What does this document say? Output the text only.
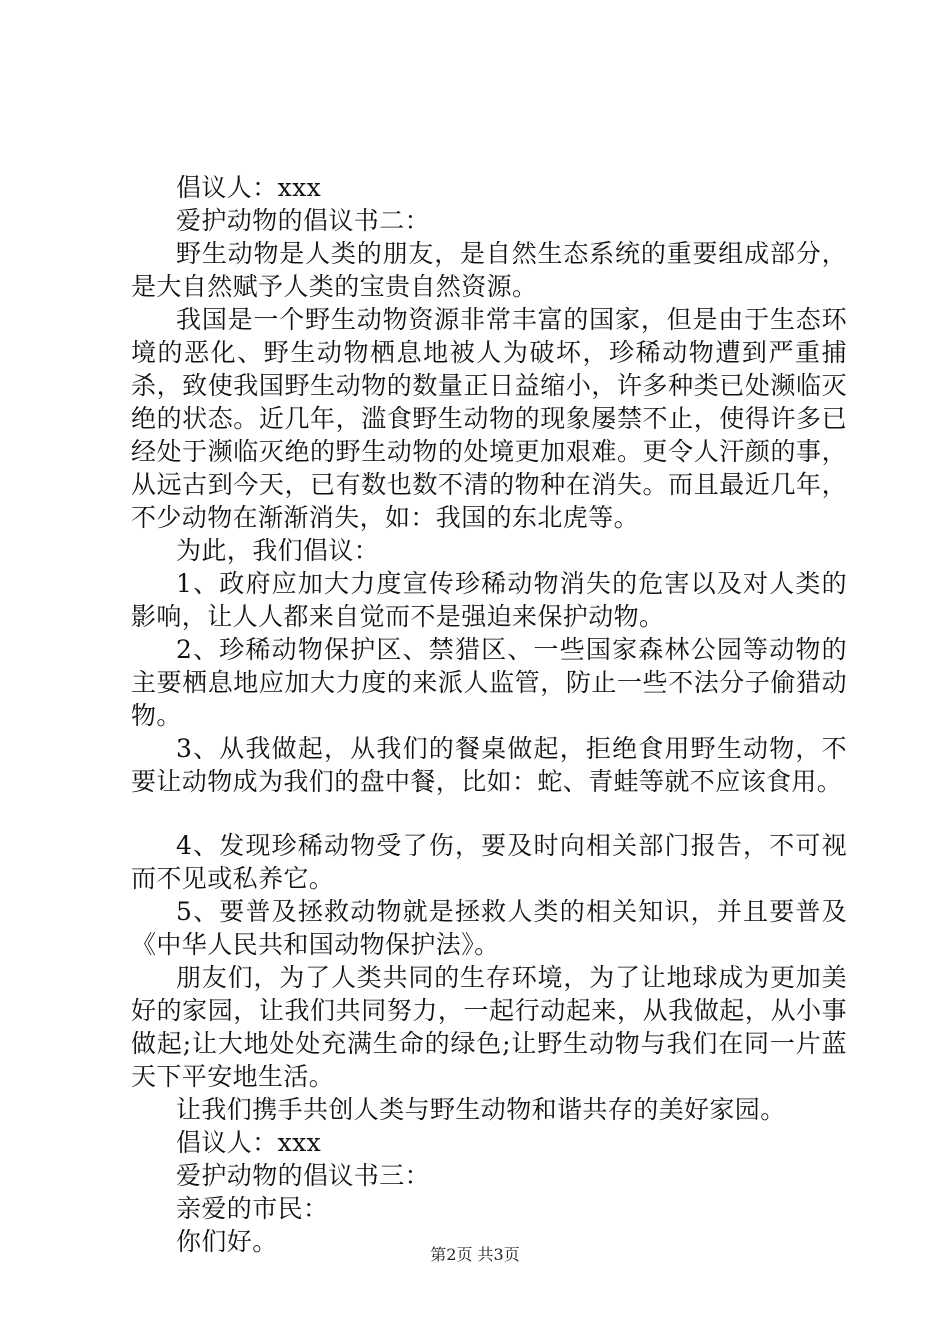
倡议人：xxx

爱护动物的倡议书二：

野生动物是人类的朋友，是自然生态系统的重要组成部分，是大自然赋予人类的宝贵自然资源。

我国是一个野生动物资源非常丰富的国家，但是由于生态环境的恶化、野生动物栖息地被人为破坏，珍稀动物遭到严重捕杀，致使我国野生动物的数量正日益缩小，许多种类已处濒临灭绝的状态。近几年，滥食野生动物的现象屡禁不止，使得许多已经处于濒临灭绝的野生动物的处境更加艰难。更令人汗颜的事，从远古到今天，已有数也数不清的物种在消失。而且最近几年，不少动物在渐渐消失，如：我国的东北虎等。

为此，我们倡议：

1、政府应加大力度宣传珍稀动物消失的危害以及对人类的影响，让人人都来自觉而不是强迫来保护动物。

2、珍稀动物保护区、禁猎区、一些国家森林公园等动物的主要栖息地应加大力度的来派人监管，防止一些不法分子偷猎动物。

3、从我做起，从我们的餐桌做起，拒绝食用野生动物，不要让动物成为我们的盘中餐，比如：蛇、青蛙等就不应该食用。

4、发现珍稀动物受了伤，要及时向相关部门报告，不可视而不见或私养它。

5、要普及拯救动物就是拯救人类的相关知识，并且要普及《中华人民共和国动物保护法》。

朋友们，为了人类共同的生存环境，为了让地球成为更加美好的家园，让我们共同努力，一起行动起来，从我做起，从小事做起;让大地处处充满生命的绿色;让野生动物与我们在同一片蓝天下平安地生活。

让我们携手共创人类与野生动物和谐共存的美好家园。

倡议人：xxx

爱护动物的倡议书三：

亲爱的市民：

你们好。	第2页 共3页
